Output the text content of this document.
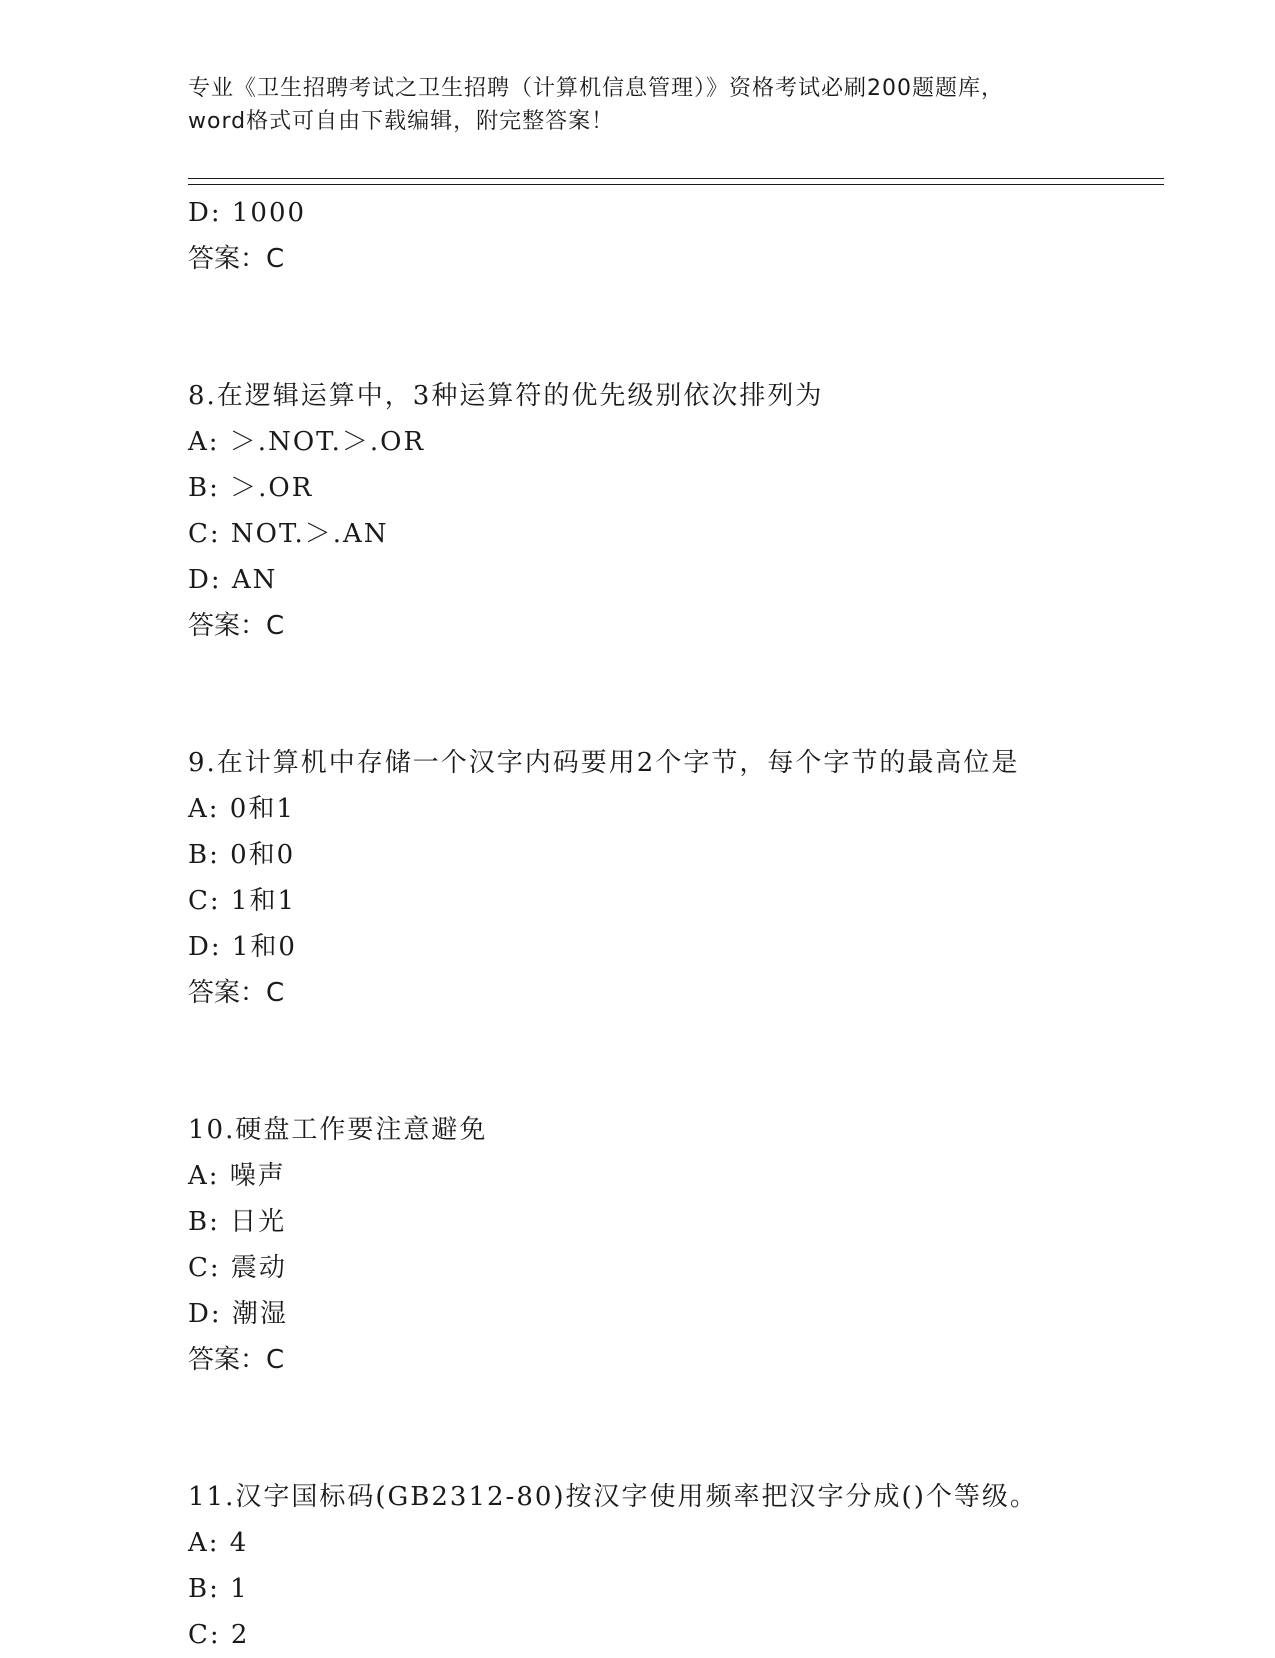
专业《卫生招聘考试之卫生招聘（计算机信息管理）》资格考试必刷200题题库，
word格式可自由下载编辑，附完整答案！
D: 1000
答案：C
8.在逻辑运算中，3种运算符的优先级别依次排列为
A: ＞.NOT.＞.OR
B: ＞.OR
C: NOT.＞.AN
D: AN
答案：C
9.在计算机中存储一个汉字内码要用2个字节，每个字节的最高位是
A: 0和1
B: 0和0
C: 1和1
D: 1和0
答案：C
10.硬盘工作要注意避免
A: 噪声
B: 日光
C: 震动
D: 潮湿
答案：C
11.汉字国标码(GB2312-80)按汉字使用频率把汉字分成()个等级。
A: 4
B: 1
C: 2
